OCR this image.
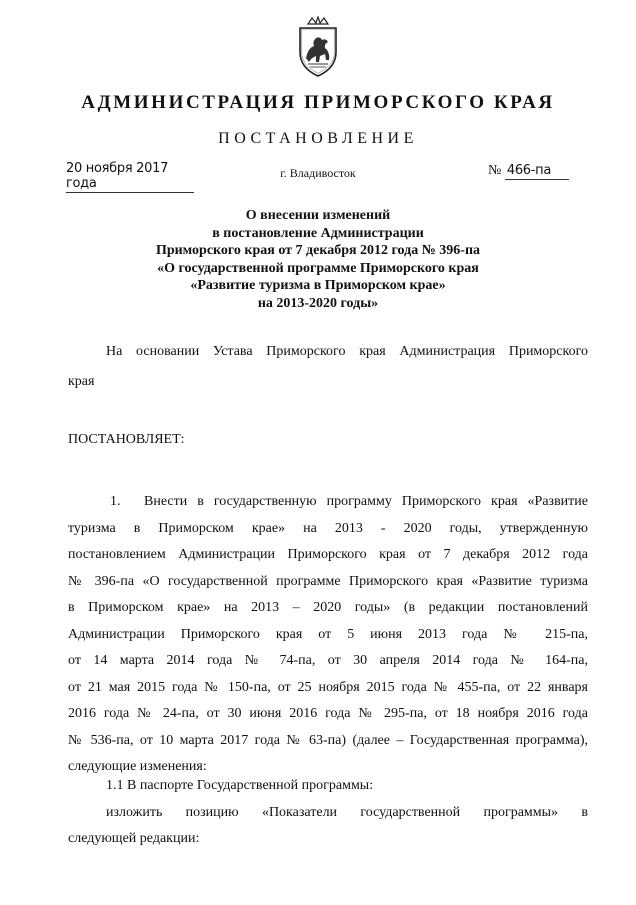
АДМИНИСТРАЦИЯ ПРИМОРСКОГО КРАЯ
ПОСТАНОВЛЕНИЕ
20 ноября 2017 года
г. Владивосток	№ 466-па
О внесении изменений
в постановление Администрации
Приморского края от 7 декабря 2012 года № 396-па
«О государственной программе Приморского края
«Развитие туризма в Приморском крае»
на 2013-2020 годы»
На основании Устава Приморского края Администрация Приморского
края
ПОСТАНОВЛЯЕТ:
1. Внести в государственную программу Приморского края «Развитие
туризма в Приморском крае» на 2013 - 2020 годы, утвержденную
постановлением Администрации Приморского края от 7 декабря 2012 года
№ 396-па «О государственной программе Приморского края «Развитие туризма
в Приморском крае» на 2013 – 2020 годы» (в редакции постановлений
Администрации Приморского края от 5 июня 2013 года № 215-па,
от 14 марта 2014 года № 74-па, от 30 апреля 2014 года № 164-па,
от 21 мая 2015 года № 150-па, от 25 ноября 2015 года № 455-па, от 22 января
2016 года № 24-па, от 30 июня 2016 года № 295-па, от 18 ноября 2016 года
№ 536-па, от 10 марта 2017 года № 63-па) (далее – Государственная программа),
следующие изменения:
1.1 В паспорте Государственной программы:
изложить позицию «Показатели государственной программы» в
следующей редакции:
